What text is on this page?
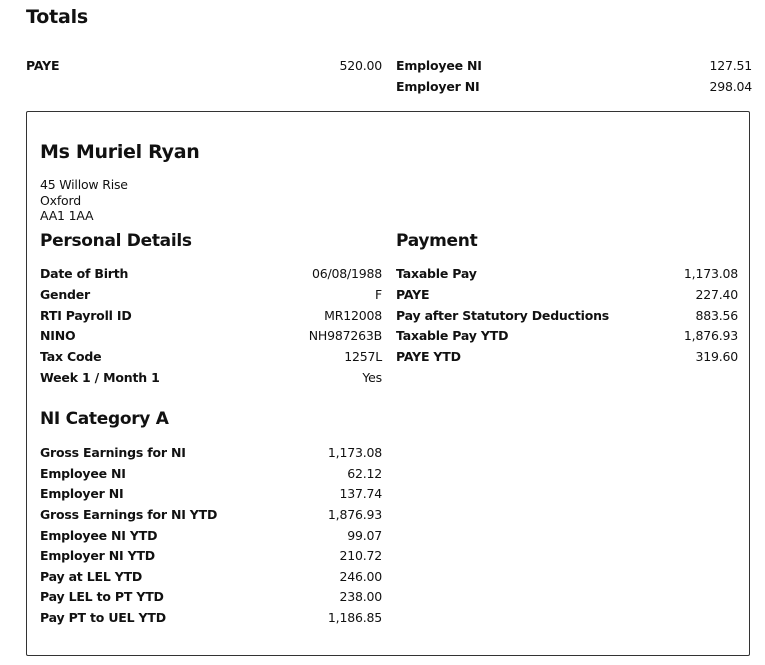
Totals
PAYE	520.00 Employee NI	127.51
Employer NI	298.04
Ms Muriel Ryan
45 Willow Rise
Oxford
AA1 1AA
Personal Details
Date of Birth	06/08/1988
Gender	F
RTI Payroll ID	MR12008
NINO	NH987263B
Tax Code	1257L
Week 1 / Month 1	Yes
Payment
Taxable Pay	1,173.08
PAYE	227.40
Pay after Statutory Deductions	883.56
Taxable Pay YTD	1,876.93
PAYE YTD	319.60
NI Category A
Gross Earnings for NI	1,173.08
Employee NI	62.12
Employer NI	137.74
Gross Earnings for NI YTD	1,876.93
Employee NI YTD	99.07
Employer NI YTD	210.72
Pay at LEL YTD	246.00
Pay LEL to PT YTD	238.00
Pay PT to UEL YTD	1,186.85
